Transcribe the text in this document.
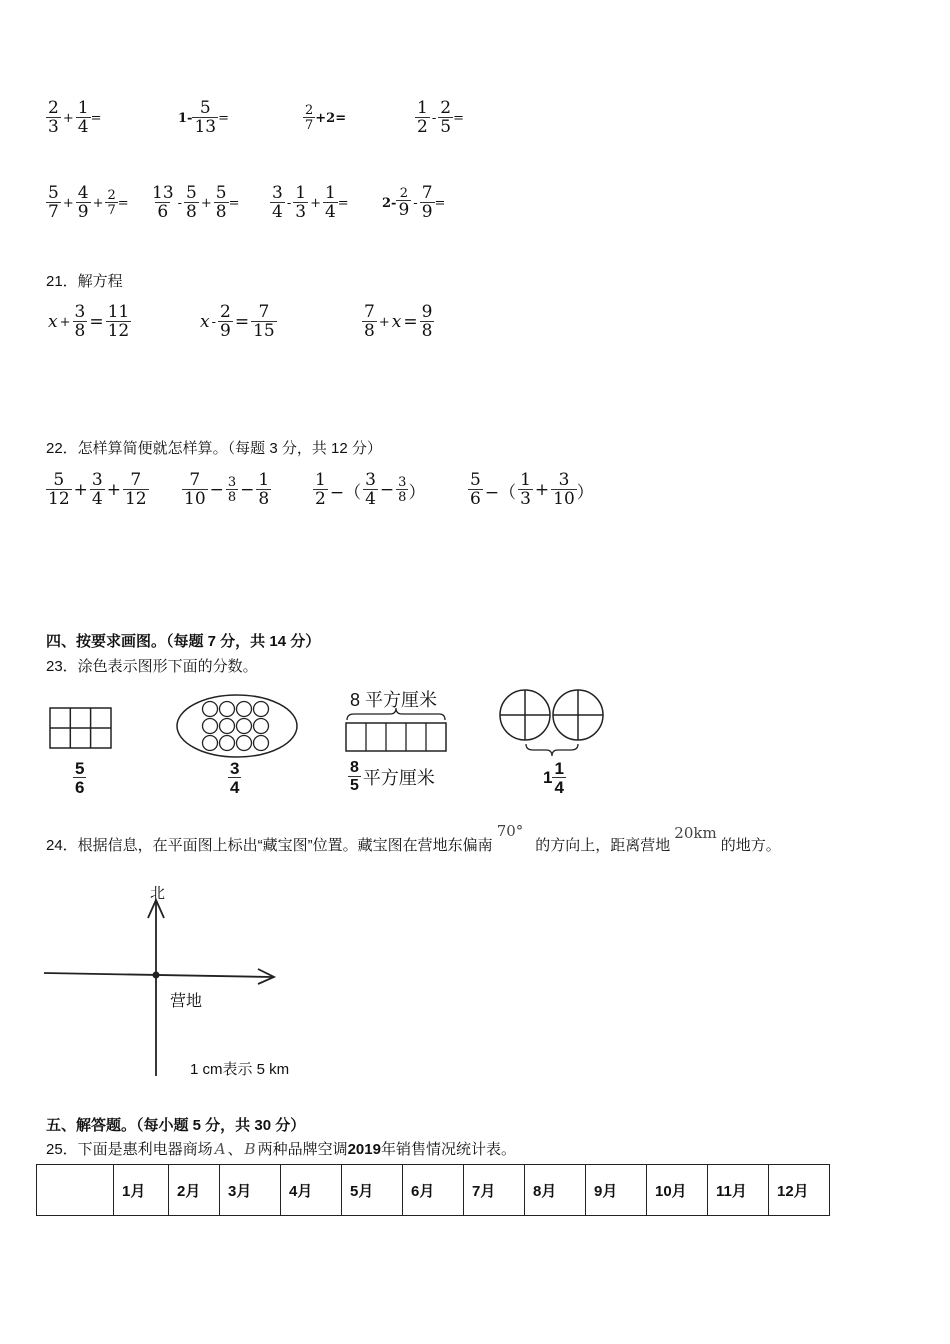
$\frac{2}{3} + \frac{1}{4}$ =	$1- \frac{5}{13}$ =	$\frac{2}{7} +2=$	$\frac{1}{2} - \frac{2}{5}$ =
$\frac{5}{7} + \frac{4}{9} + \frac{2}{7} = \frac{13}{6} - \frac{5}{8} + \frac{5}{8} = \frac{3}{4} - \frac{1}{3} + \frac{1}{4}$ =	$2- \frac{2}{9} - \frac{7}{9}$ =
21．解方程
$x + \frac{3}{8} = \frac{11}{12}$	$x - \frac{2}{9} = \frac{7}{15}$	$\frac{7}{8} + x = \frac{9}{8}$
22．怎样算简便就怎样算。（每题 3 分，共 12 分）
$\frac{5}{12} + \frac{3}{4} + \frac{7}{12} \frac{7}{10} - \frac{3}{8} - \frac{1}{8} \frac{1}{2}$ −（ $\frac{3}{4} - \frac{3}{8}$ ）	$\frac{5}{6}$ −（ $\frac{1}{3} + \frac{3}{10}$ ）
四、按要求画图。（每题 7 分，共 14 分）
23．涂色表示图形下面的分数。
$\frac{5}{6}$	$\frac{3}{4}$
8 平方厘米
$\frac{8}{5}$ 平方厘米	$1 \frac{1}{4}$
24．根据信息，在平面图上标出“藏宝图”位置。藏宝图在营地东偏南70°的方向上，距离营地20km的地方。
北
营地
1 cm表示 5 km
五、解答题。（每小题 5 分，共 30 分）
25．下面是惠利电器商场 A 、 B 两种品牌空调2019年销售情况统计表。
	1月	2月	3月	4月	5月	6月	7月	8月	9月	10月	11月	12月
